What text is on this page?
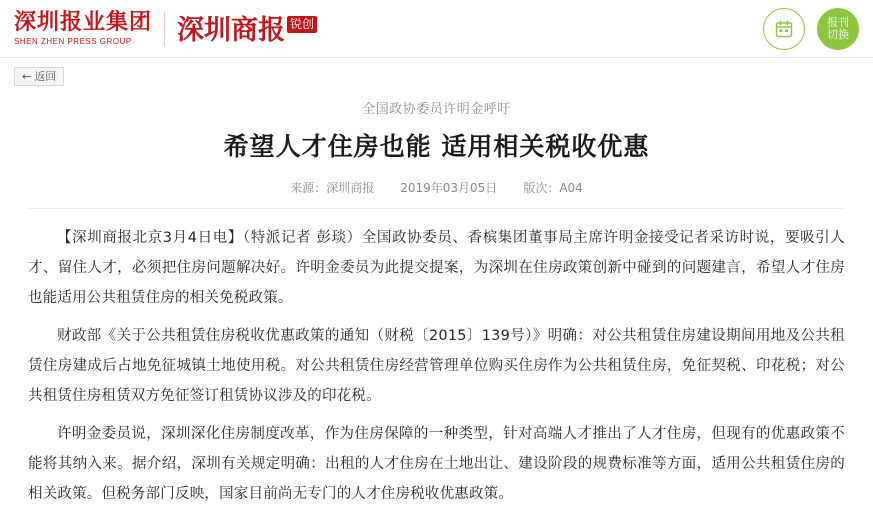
深圳报业集团
SHEN ZHEN PRESS GROUP	深圳商报 锐创	报刊
切换
← 返回
全国政协委员许明金呼吁
希望人才住房也能 适用相关税收优惠
来源：深圳商报 2019年03月05日 版次：A04

【深圳商报北京3月4日电】（特派记者 彭琰）全国政协委员、香槟集团董事局主席许明金接受记者采访时说，要吸引人才、留住人才，必须把住房问题解决好。许明金委员为此提交提案，为深圳在住房政策创新中碰到的问题建言，希望人才住房也能适用公共租赁住房的相关免税政策。

财政部《关于公共租赁住房税收优惠政策的通知（财税〔2015〕139号）》明确：对公共租赁住房建设期间用地及公共租赁住房建成后占地免征城镇土地使用税。对公共租赁住房经营管理单位购买住房作为公共租赁住房，免征契税、印花税；对公共租赁住房租赁双方免征签订租赁协议涉及的印花税。

许明金委员说，深圳深化住房制度改革，作为住房保障的一种类型，针对高端人才推出了人才住房，但现有的优惠政策不能将其纳入来。据介绍，深圳有关规定明确：出租的人才住房在土地出让、建设阶段的规费标准等方面，适用公共租赁住房的相关政策。但税务部门反映，国家目前尚无专门的人才住房税收优惠政策。
